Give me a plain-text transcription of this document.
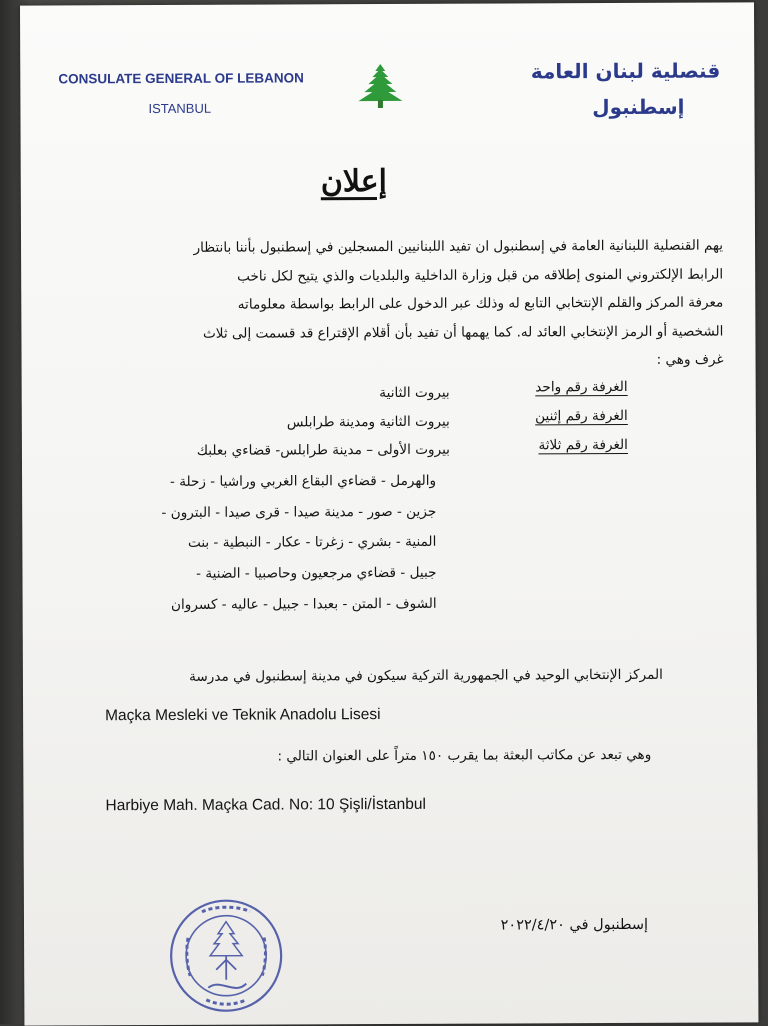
CONSULATE GENERAL OF LEBANON
ISTANBUL
قنصلية لبنان العامة
إسطنبول
إعلان
يهم القنصلية اللبنانية العامة في إسطنبول ان تفيد اللبنانيين المسجلين في إسطنبول بأننا بانتظار
الرابط الإلكتروني المنوى إطلاقه من قبل وزارة الداخلية والبلديات والذي يتيح لكل ناخب
معرفة المركز والقلم الإنتخابي التابع له وذلك عبر الدخول على الرابط بواسطة معلوماته
الشخصية أو الرمز الإنتخابي العائد له. كما يهمها أن تفيد بأن أقلام الإقتراع قد قسمت إلى ثلاث
غرف وهي :
الغرفة رقم واحد
بيروت الثانية
الغرفة رقم إثنين
بيروت الثانية ومدينة طرابلس
الغرفة رقم ثلاثة
بيروت الأولى – مدينة طرابلس- قضاءي بعلبك
والهرمل - قضاءي البقاع الغربي وراشيا - زحلة -
جزين - صور - مدينة صيدا - قرى صيدا - البترون -
المنية - بشري - زغرتا - عكار - النبطية - بنت
جبيل - قضاءي مرجعيون وحاصبيا - الضنية -
الشوف - المتن - بعبدا - جبيل - عاليه - كسروان
المركز الإنتخابي الوحيد في الجمهورية التركية سيكون في مدينة إسطنبول في مدرسة
Maçka Mesleki ve Teknik Anadolu Lisesi
وهي تبعد عن مكاتب البعثة بما يقرب ١٥٠ متراً على العنوان التالي :
Harbiye Mah. Maçka Cad. No: 10 Şişli/İstanbul
إسطنبول في ٢٠٢٢/٤/٢٠
